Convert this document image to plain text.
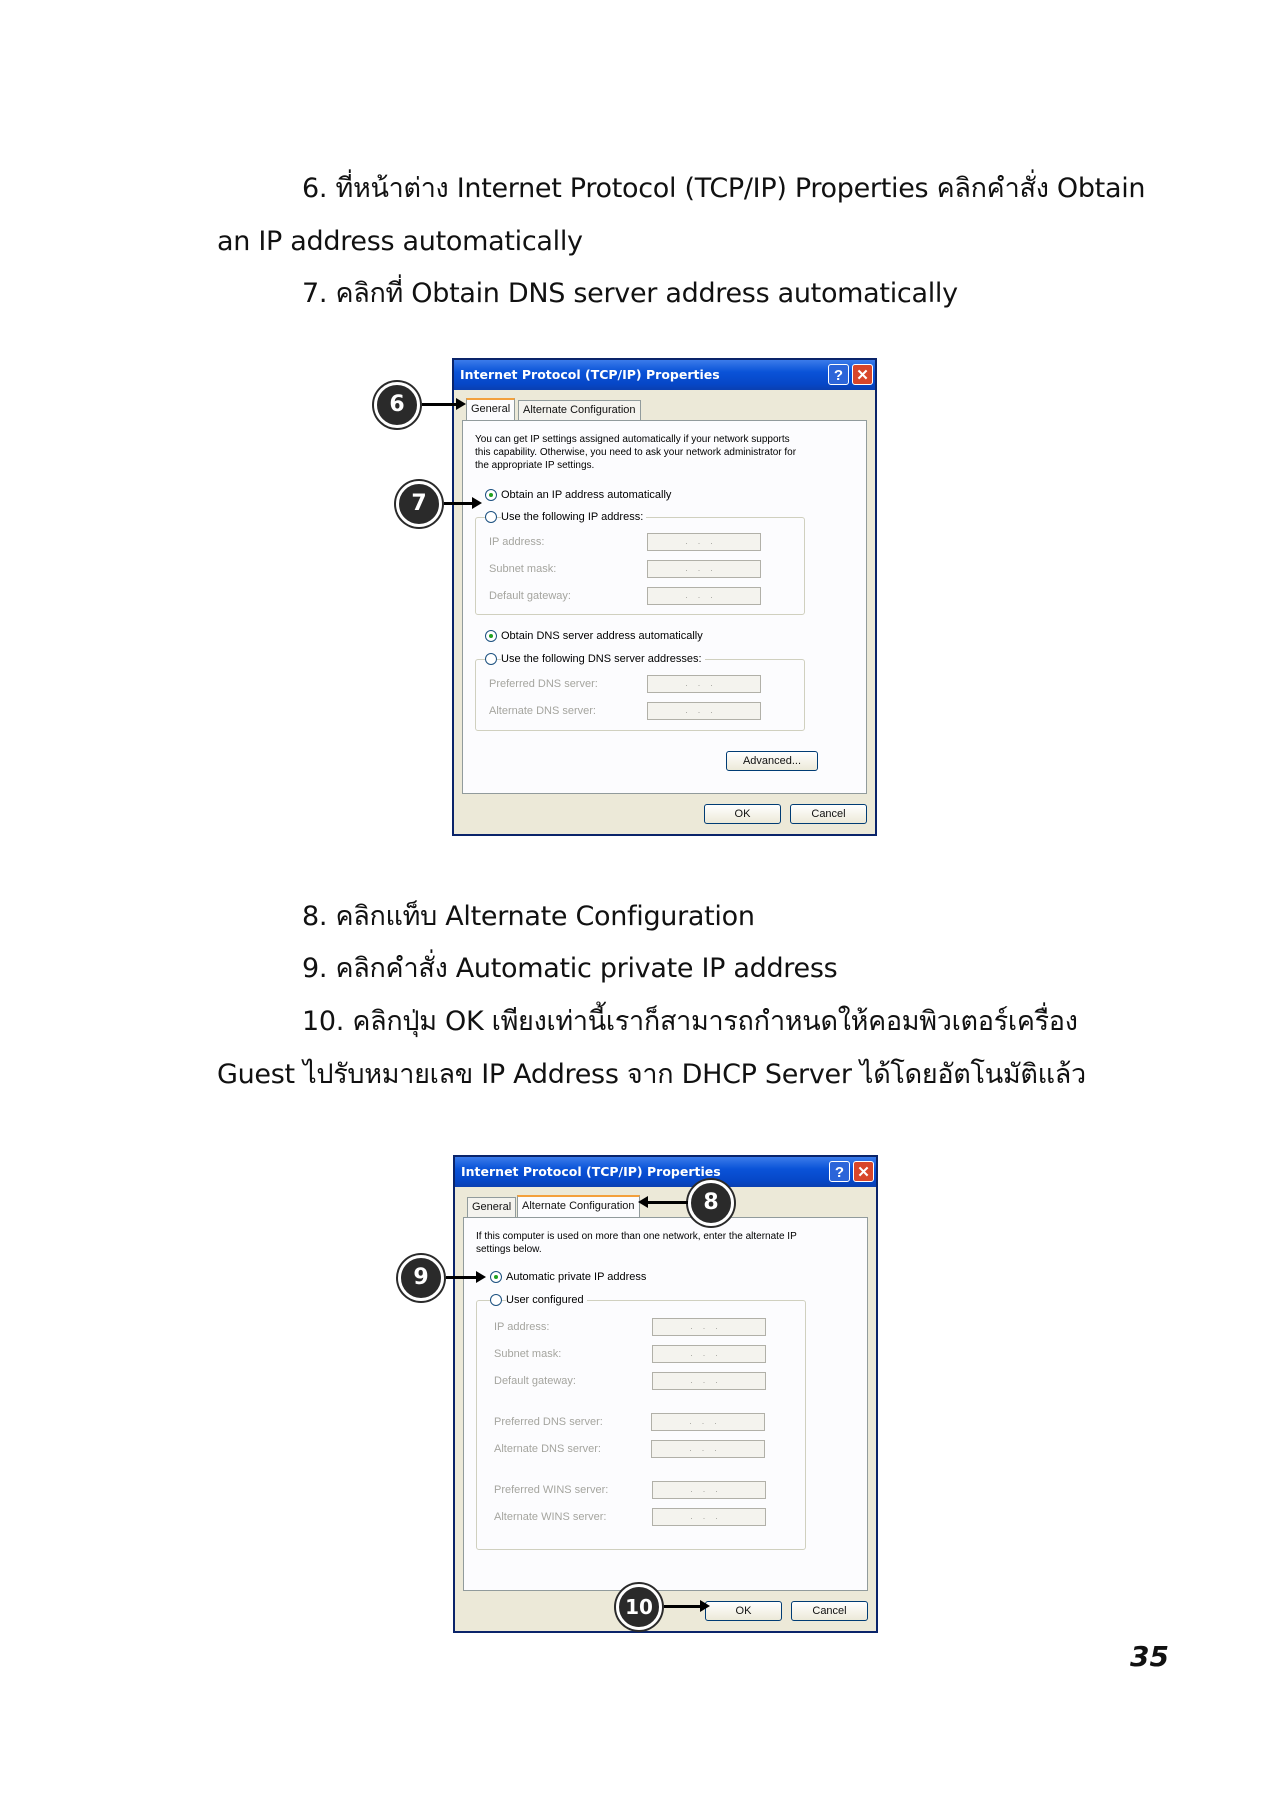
6. ที่หน้าต่าง Internet Protocol (TCP/IP) Properties คลิกคำสั่ง Obtain
an IP address automatically
7. คลิกที่ Obtain DNS server address automatically
Internet Protocol (TCP/IP) Properties	? ✕
General	Alternate Configuration
You can get IP settings assigned automatically if your network supports
this capability. Otherwise, you need to ask your network administrator for
the appropriate IP settings.
Obtain an IP address automatically
Use the following IP address:
IP address:	...
Subnet mask:	...
Default gateway:	...
Obtain DNS server address automatically
Use the following DNS server addresses:
Preferred DNS server:	...
Alternate DNS server:	...
Advanced...
OK	Cancel
6
7
8. คลิกแท็บ Alternate Configuration
9. คลิกคำสั่ง Automatic private IP address
10. คลิกปุ่ม OK เพียงเท่านี้เราก็สามารถกำหนดให้คอมพิวเตอร์เครื่อง
Guest ไปรับหมายเลข IP Address จาก DHCP Server ได้โดยอัตโนมัติแล้ว
Internet Protocol (TCP/IP) Properties	? ✕
General Alternate Configuration
If this computer is used on more than one network, enter the alternate IP
settings below.
Automatic private IP address
User configured
IP address:	...
Subnet mask:	...
Default gateway:	...
Preferred DNS server:	...
Alternate DNS server:	...
Preferred WINS server:	...
Alternate WINS server:	...
OK	Cancel
8
9
10
35
